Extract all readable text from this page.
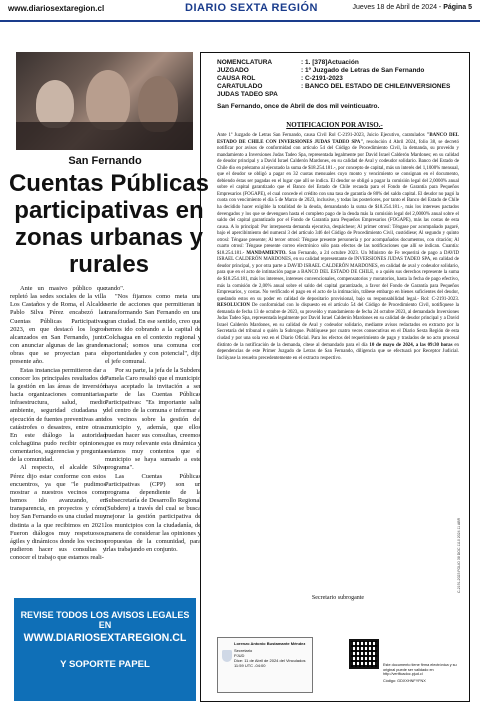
www.diariosextaregion.cl	DIARIO SEXTA REGIÓN	Jueves 18 de Abril de 2024 - Página 5
San Fernando
Cuentas Públicas participativas en zonas urbanas y rurales

Ante un masivo público que repletó las sedes sociales de la villa Los Castaños y de Roma, el Alcalde Pablo Silva Pérez encabezó las Cuentas Públicas Participativas 2023, en que destacó los logros alcanzados en San Fernando, junto con anunciar algunas de las grandes obras que se proyectan para el presente año.

Estas instancias permitieron dar a conocer los principales resultados de la gestión en las áreas de inversión hacia organizaciones comunitarias, infraestructura, salud, medio ambiente, seguridad ciudadana y ejecución de fuentes preventivas ante catástrofes o desastres, entre otras. En este diálogo la autoridad colchagüina pudo recibir opiniones, comentarios, sugerencias y preguntas de la comunidad.

Al respecto, el alcalde Silva Pérez dijo estar conforme con estos encuentros, ya que "le pudimos mostrar a nuestros vecinos como hemos ido avanzando, en transparencia, en proyectos y cómo hoy San Fernando es una ciudad muy distinta a la que recibimos en 2021. Fueron diálogos muy respetuosos, ágiles y dinámicos donde los vecinos pudieron hacer sus consultas y conocer el trabajo que estamos reali-

zando".

"Nos fijamos como meta una serie de acciones que permitieran ir transformando San Fernando en una gran ciudad. En ese sentido, creo que hemos ido cobrando a la capital de Colchagua en el contexto regional y nacional; somos una comuna con oportunidades y con potencial", dijo el jefe comunal.

Por su parte, la jefa de la Subdere Pamela Caro resaltó que el municipio haya aceptado la invitación a ser parte de las Cuentas Públicas Participativas: "Es importante salir del centro de la comuna e informar a los vecinos sobre la gestión del municipio y, además, que ellos puedan hacer sus consultas, creemos que es muy relevante esta dinámica y estamos muy contentos que el municipio se haya sumado a este programa".

Las Cuentas Públicas Participativas (CPP) son un programa dependiente de la Subsecretaría de Desarrollo Regional (Subdere) a través del cual se busca mejorar la gestión participativa de los municipios con la ciudadanía, de manera de considerar las opiniones y propuestas de la comunidad, para irlas trabajando en conjunto.

REVISE TODOS LOS AVISOS LEGALES EN
WWW.DIARIOSEXTAREGION.CL
Y SOPORTE PAPEL
NOMENCLATURA	: 1. [378]Actuación
JUZGADO	: 1º Juzgado de Letras de San Fernando
CAUSA ROL	: C-2191-2023
CARATULADO	: BANCO DEL ESTADO DE CHILE/INVERSIONES
JUDAS TADEO SPA
San Fernando, once de Abril de dos mil veinticuatro.
NOTIFICACION POR AVISO.-
Ante 1º Juzgado de Letras San Fernando, causa Civil Rol C-2191-2023, Juicio Ejecutivo, caratulados "BANCO DEL ESTADO DE CHILE CON INVERSIONES JUDAS TADEO SPA", resolución 4 Abril 2024, folio 38, se decretó notificar por avisos de conformidad con artículo 54 del Código de Procedimiento Civil, la demanda, su proveído y mandamiento a Inversiones Judas Tadeo Spa, representada legalmente por David Israel Calderón Mardones; en su calidad de deudor principal y a David Israel Calderón Mardones, en su calidad de Aval y codeudor solidario. Banco del Estado de Chile dio en préstamo al ejecutado la suma de $18.254.181.-, por concepto de capital, más un interés del 1,1000% mensual, que el deudor se obligó a pagar en 32 cuotas mensuales cuyo monto y vencimiento se consignan en el documento, debiendo éstas ser pagadas en el lugar que allí se indica. El deudor se obligó a pagar la comisión legal del 2,0000% anual sobre el capital garantizado que el Banco del Estado de Chile recauda para el Fondo de Garantía para Pequeños Empresarios (FOGAPE), el cual concede el crédito con una tasa de garantía de 80% del saldo capital. El deudor no pagó la cuota con vencimiento el día 5 de Marzo de 2023, inclusive, y todas las posteriores, por tanto el Banco del Estado de Chile ha decidido hacer exigible la totalidad de la deuda, demandando la suma de $18.254.181.-, más los intereses pactados devengados y los que se devenguen hasta el completo pago de la deuda más la comisión legal del 2,0000% anual sobre el saldo del capital garantizado por el Fondo de Garantía para Pequeños Empresarios (FOGAPE), más las costas de esta causa. A lo principal: Por interpuesta demanda ejecutiva, despáchese; Al primer otrosí: Téngase por acompañado pagaré, bajo el apercibimiento del numeral 3 del artículo 346 del Código de Procedimiento Civil, custódiese; Al segundo y quinto otrosí: Téngase presente; Al tercer otrosí: Téngase presente personería y por acompañados documentos, con citación; Al cuarto otrosí: Téngase presente correo electrónico sólo para efectos de las notificaciones que allí se indican. Cuantía: $18.254.181.- MANDAMIENTO. San Fernando, a 24 octubre 2023. Un Ministro de Fe requerirá de pago a DAVID ISRAEL CALDERÓN MARDONES, en su calidad representante de INVERSIONES JUDAS TADEO SPA, en calidad de deudor principal, y por otra parte a DAVID ISRAEL CALDERÓN MARDONES, en calidad de aval y codeudor solidario, para que en el acto de intimación pague a BANCO DEL ESTADO DE CHILE, o a quién sus derechos represente la suma de $18.254.181, más los intereses, intereses convencionales, compensatorios y moratorios, hasta la fecha de pago efectivo, más la comisión de 2,00% anual sobre el saldo del capital garantizado, a favor del Fondo de Garantía para Pequeños Empresarios, y costas. No verificado el pago en el acto de la intimación, trábese embargo en bienes suficientes del deudor, quedando estos en su poder en calidad de depositario provisional, bajo su responsabilidad legal.- Rol: C-2191-2023. RESOLUCION De conformidad con lo dispuesto en el artículo 54 del Código de Procedimiento Civil, notifíquese la demanda de fecha 13 de octubre de 2023, su proveído y mandamiento de fecha 24 octubre 2023, al demandado Inversiones Judas Tadeo Spa, representada legalmente por David Israel Calderón Mardones en su calidad de deudor principal y a David Israel Calderón Mardones, en su calidad de Aval y codeudor solidario, mediante avisos redactados en extracto por la Secretaría del tribunal o quién la Subrogue. Publíquese por cuatro veces consecutivas en el Diario Sexta Región de esta ciudad y por una sola vez en el Diario Oficial. Para los efectos del requerimiento de pago y traslados de no acto procesal distinto de la notificación de la demanda, cítese al demandado para el día 10 de mayo de 2024, a las 09:30 horas en dependencias de este Primer Juzgado de Letras de San Fernando, diligencia que se efectuará por Receptor Judicial. Inclúyase la resuelto precedentemente en el extracto respectivo.
Secretario subrogante
C-2191-2023 FOLIO 38 DOC 1110 2024 11 ABR
Lorenzo Antonio Bustamante Méndez
Secretario
PJUD
Dice: 11 de Abril de 2024 del Vinculados
11:59 UTC -04:00	Este documento tiene firma electrónica y su original puede ser validado en http://verificadoc.pjud.cl
Código: GDXXHNFYFNX
